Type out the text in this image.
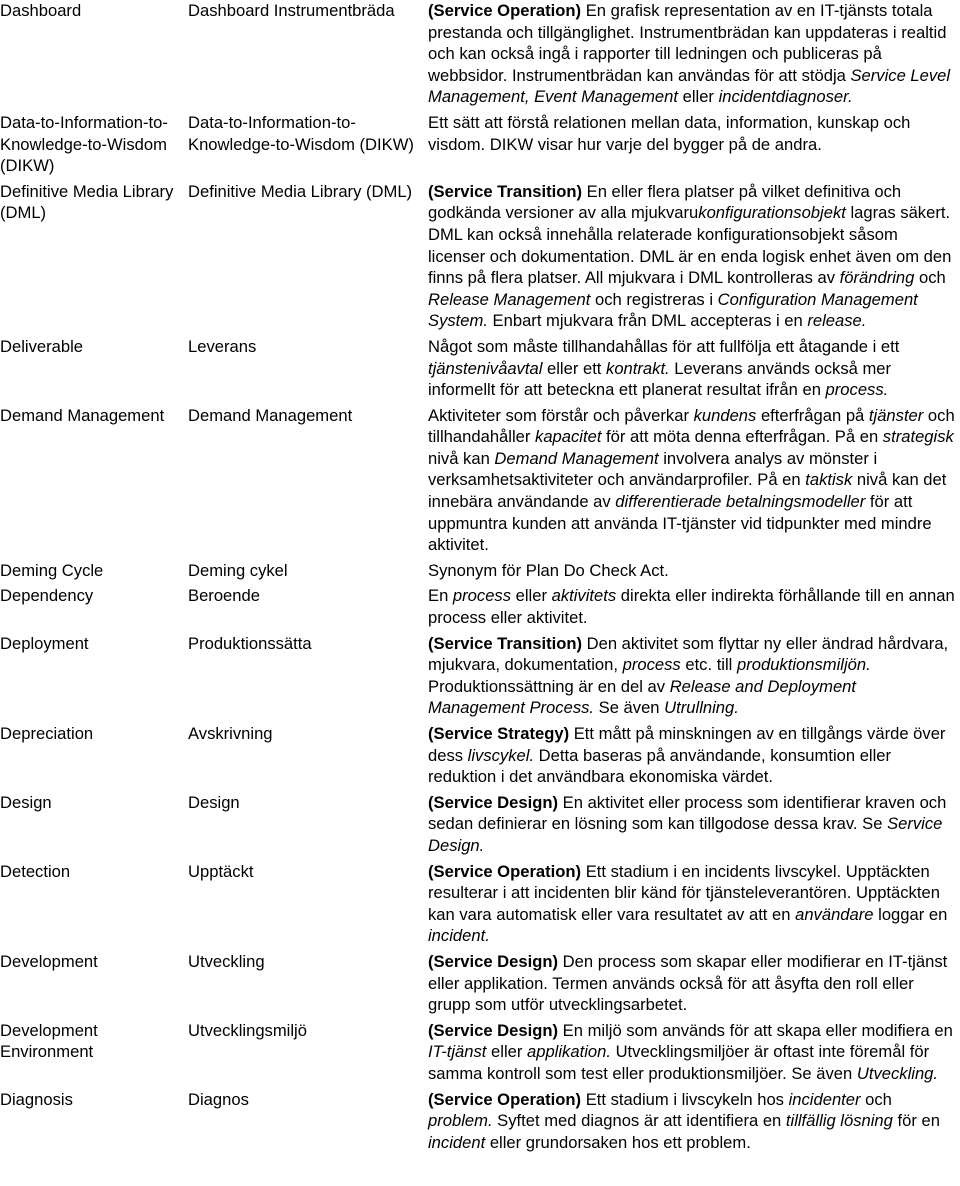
Dashboard	Dashboard Instrumentbräda	(Service Operation) En grafisk representation av en IT-tjänsts totala prestanda och tillgänglighet. Instrumentbrädan kan uppdateras i realtid och kan också ingå i rapporter till ledningen och publiceras på webbsidor. Instrumentbrädan kan användas för att stödja Service Level Management, Event Management eller incidentdiagnoser.
Data-to-Information-to-Knowledge-to-Wisdom (DIKW)	Data-to-Information-to-Knowledge-to-Wisdom (DIKW)	Ett sätt att förstå relationen mellan data, information, kunskap och visdom. DIKW visar hur varje del bygger på de andra.
Definitive Media Library (DML)	Definitive Media Library (DML)	(Service Transition) En eller flera platser på vilket definitiva och godkända versioner av alla mjukvarukonfigurationsobjekt lagras säkert. DML kan också innehålla relaterade konfigurationsobjekt såsom licenser och dokumentation. DML är en enda logisk enhet även om den finns på flera platser. All mjukvara i DML kontrolleras av förändring och Release Management och registreras i Configuration Management System. Enbart mjukvara från DML accepteras i en release.
Deliverable	Leverans	Något som måste tillhandahållas för att fullfölja ett åtagande i ett tjänstenivåavtal eller ett kontrakt. Leverans används också mer informellt för att beteckna ett planerat resultat ifrån en process.
Demand Management	Demand Management	Aktiviteter som förstår och påverkar kundens efterfrågan på tjänster och tillhandahåller kapacitet för att möta denna efterfrågan. På en strategisk nivå kan Demand Management involvera analys av mönster i verksamhetsaktiviteter och användarprofiler. På en taktisk nivå kan det innebära användande av differentierade betalningsmodeller för att uppmuntra kunden att använda IT-tjänster vid tidpunkter med mindre aktivitet.
Deming Cycle	Deming cykel	Synonym för Plan Do Check Act.
Dependency	Beroende	En process eller aktivitets direkta eller indirekta förhållande till en annan process eller aktivitet.
Deployment	Produktionssätta	(Service Transition) Den aktivitet som flyttar ny eller ändrad hårdvara, mjukvara, dokumentation, process etc. till produktionsmiljön. Produktionssättning är en del av Release and Deployment Management Process. Se även Utrullning.
Depreciation	Avskrivning	(Service Strategy) Ett mått på minskningen av en tillgångs värde över dess livscykel. Detta baseras på användande, konsumtion eller reduktion i det användbara ekonomiska värdet.
Design	Design	(Service Design) En aktivitet eller process som identifierar kraven och sedan definierar en lösning som kan tillgodose dessa krav. Se Service Design.
Detection	Upptäckt	(Service Operation) Ett stadium i en incidents livscykel. Upptäckten resulterar i att incidenten blir känd för tjänsteleverantören. Upptäckten kan vara automatisk eller vara resultatet av att en användare loggar en incident.
Development	Utveckling	(Service Design) Den process som skapar eller modifierar en IT-tjänst eller applikation. Termen används också för att åsyfta den roll eller grupp som utför utvecklingsarbetet.
Development Environment	Utvecklingsmiljö	(Service Design) En miljö som används för att skapa eller modifiera en IT-tjänst eller applikation. Utvecklingsmiljöer är oftast inte föremål för samma kontroll som test eller produktionsmiljöer. Se även Utveckling.
Diagnosis	Diagnos	(Service Operation) Ett stadium i livscykeln hos incidenter och problem. Syftet med diagnos är att identifiera en tillfällig lösning för en incident eller grundorsaken hos ett problem.
